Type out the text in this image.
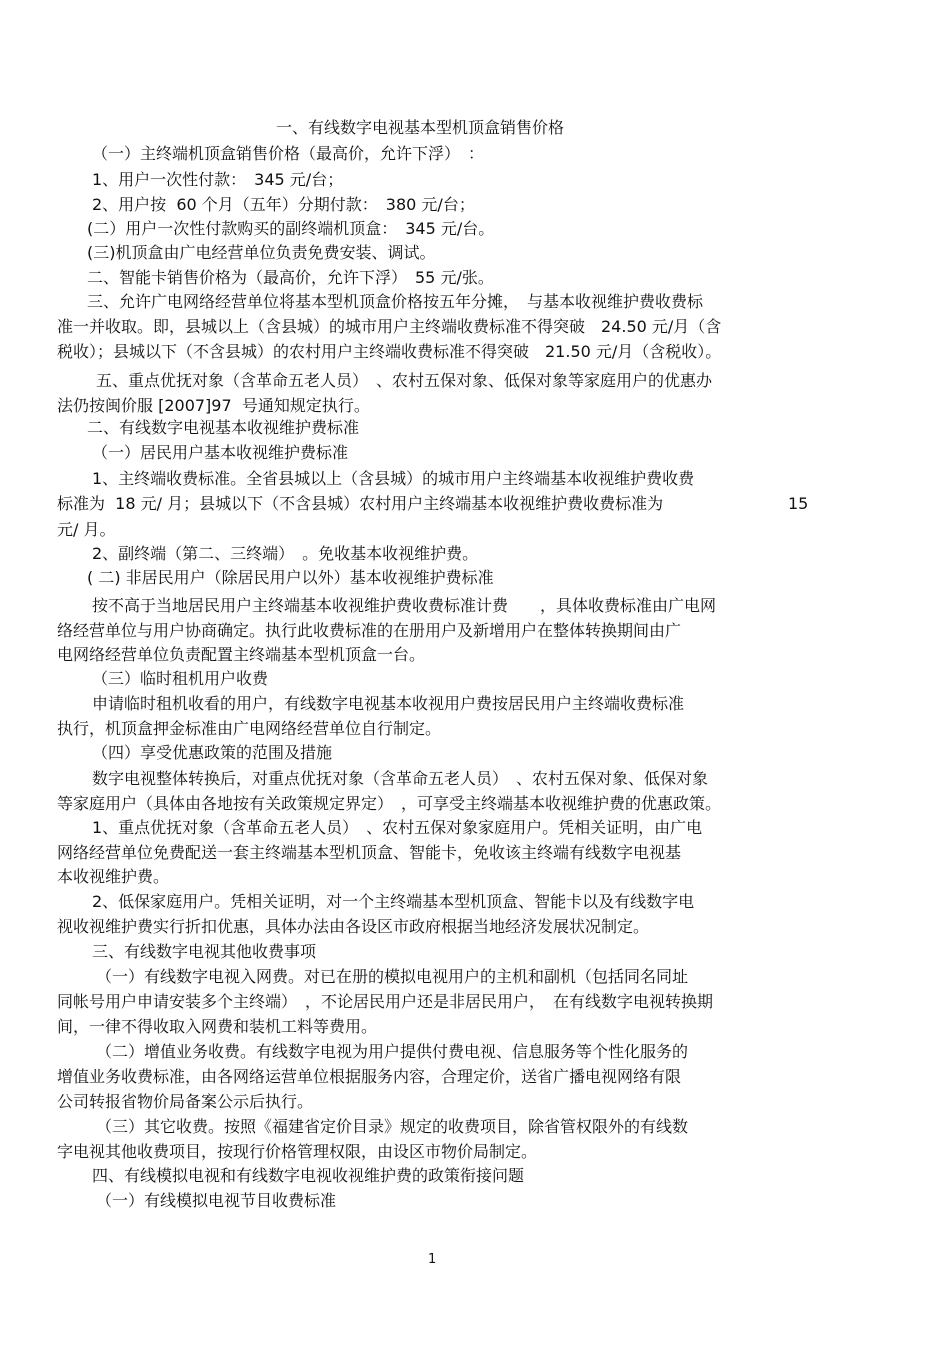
一、有线数字电视基本型机顶盒销售价格
（一）主终端机顶盒销售价格（最高价，允许下浮）　：
1、用户一次性付款：　345 元/台；
2、用户按  60 个月（五年）分期付款：　380 元/台；
(二）用户一次性付款购买的副终端机顶盒：　345 元/台。
(三)机顶盒由广电经营单位负责免费安装、调试。
二、智能卡销售价格为（最高价，允许下浮）　55 元/张。
三、允许广电网络经营单位将基本型机顶盒价格按五年分摊，　与基本收视维护费收费标
准一并收取。即，县城以上（含县城）的城市用户主终端收费标准不得突破　24.50 元/月（含
税收）；县城以下（不含县城）的农村用户主终端收费标准不得突破　21.50 元/月（含税收）。
五、重点优抚对象（含革命五老人员）　、农村五保对象、低保对象等家庭用户的优惠办
法仍按闽价服 [2007]97  号通知规定执行。
二、有线数字电视基本收视维护费标准
（一）居民用户基本收视维护费标准
1、主终端收费标准。全省县城以上（含县城）的城市用户主终端基本收视维护费收费
标准为  18 元/ 月；县城以下（不含县城）农村用户主终端基本收视维护费收费标准为	15
元/ 月。
2、副终端（第二、三终端）　。免收基本收视维护费。
( 二) 非居民用户（除居民用户以外）基本收视维护费标准
按不高于当地居民用户主终端基本收视维护费收费标准计费　　，具体收费标准由广电网
络经营单位与用户协商确定。执行此收费标准的在册用户及新增用户在整体转换期间由广
电网络经营单位负责配置主终端基本型机顶盒一台。
（三）临时租机用户收费
申请临时租机收看的用户，有线数字电视基本收视用户费按居民用户主终端收费标准
执行，机顶盒押金标准由广电网络经营单位自行制定。
（四）享受优惠政策的范围及措施
数字电视整体转换后，对重点优抚对象（含革命五老人员）　、农村五保对象、低保对象
等家庭用户（具体由各地按有关政策规定界定）　，可享受主终端基本收视维护费的优惠政策。
1、重点优抚对象（含革命五老人员）　、农村五保对象家庭用户。凭相关证明，由广电
网络经营单位免费配送一套主终端基本型机顶盒、智能卡，免收该主终端有线数字电视基
本收视维护费。
2、低保家庭用户。凭相关证明，对一个主终端基本型机顶盒、智能卡以及有线数字电
视收视维护费实行折扣优惠，具体办法由各设区市政府根据当地经济发展状况制定。
三、有线数字电视其他收费事项
（一）有线数字电视入网费。对已在册的模拟电视用户的主机和副机（包括同名同址
同帐号用户申请安装多个主终端）　，不论居民用户还是非居民用户，　在有线数字电视转换期
间，一律不得收取入网费和装机工料等费用。
（二）增值业务收费。有线数字电视为用户提供付费电视、信息服务等个性化服务的
增值业务收费标准，由各网络运营单位根据服务内容，合理定价，送省广播电视网络有限
公司转报省物价局备案公示后执行。
（三）其它收费。按照《福建省定价目录》规定的收费项目，除省管权限外的有线数
字电视其他收费项目，按现行价格管理权限，由设区市物价局制定。
四、有线模拟电视和有线数字电视收视维护费的政策衔接问题
（一）有线模拟电视节目收费标准
1
